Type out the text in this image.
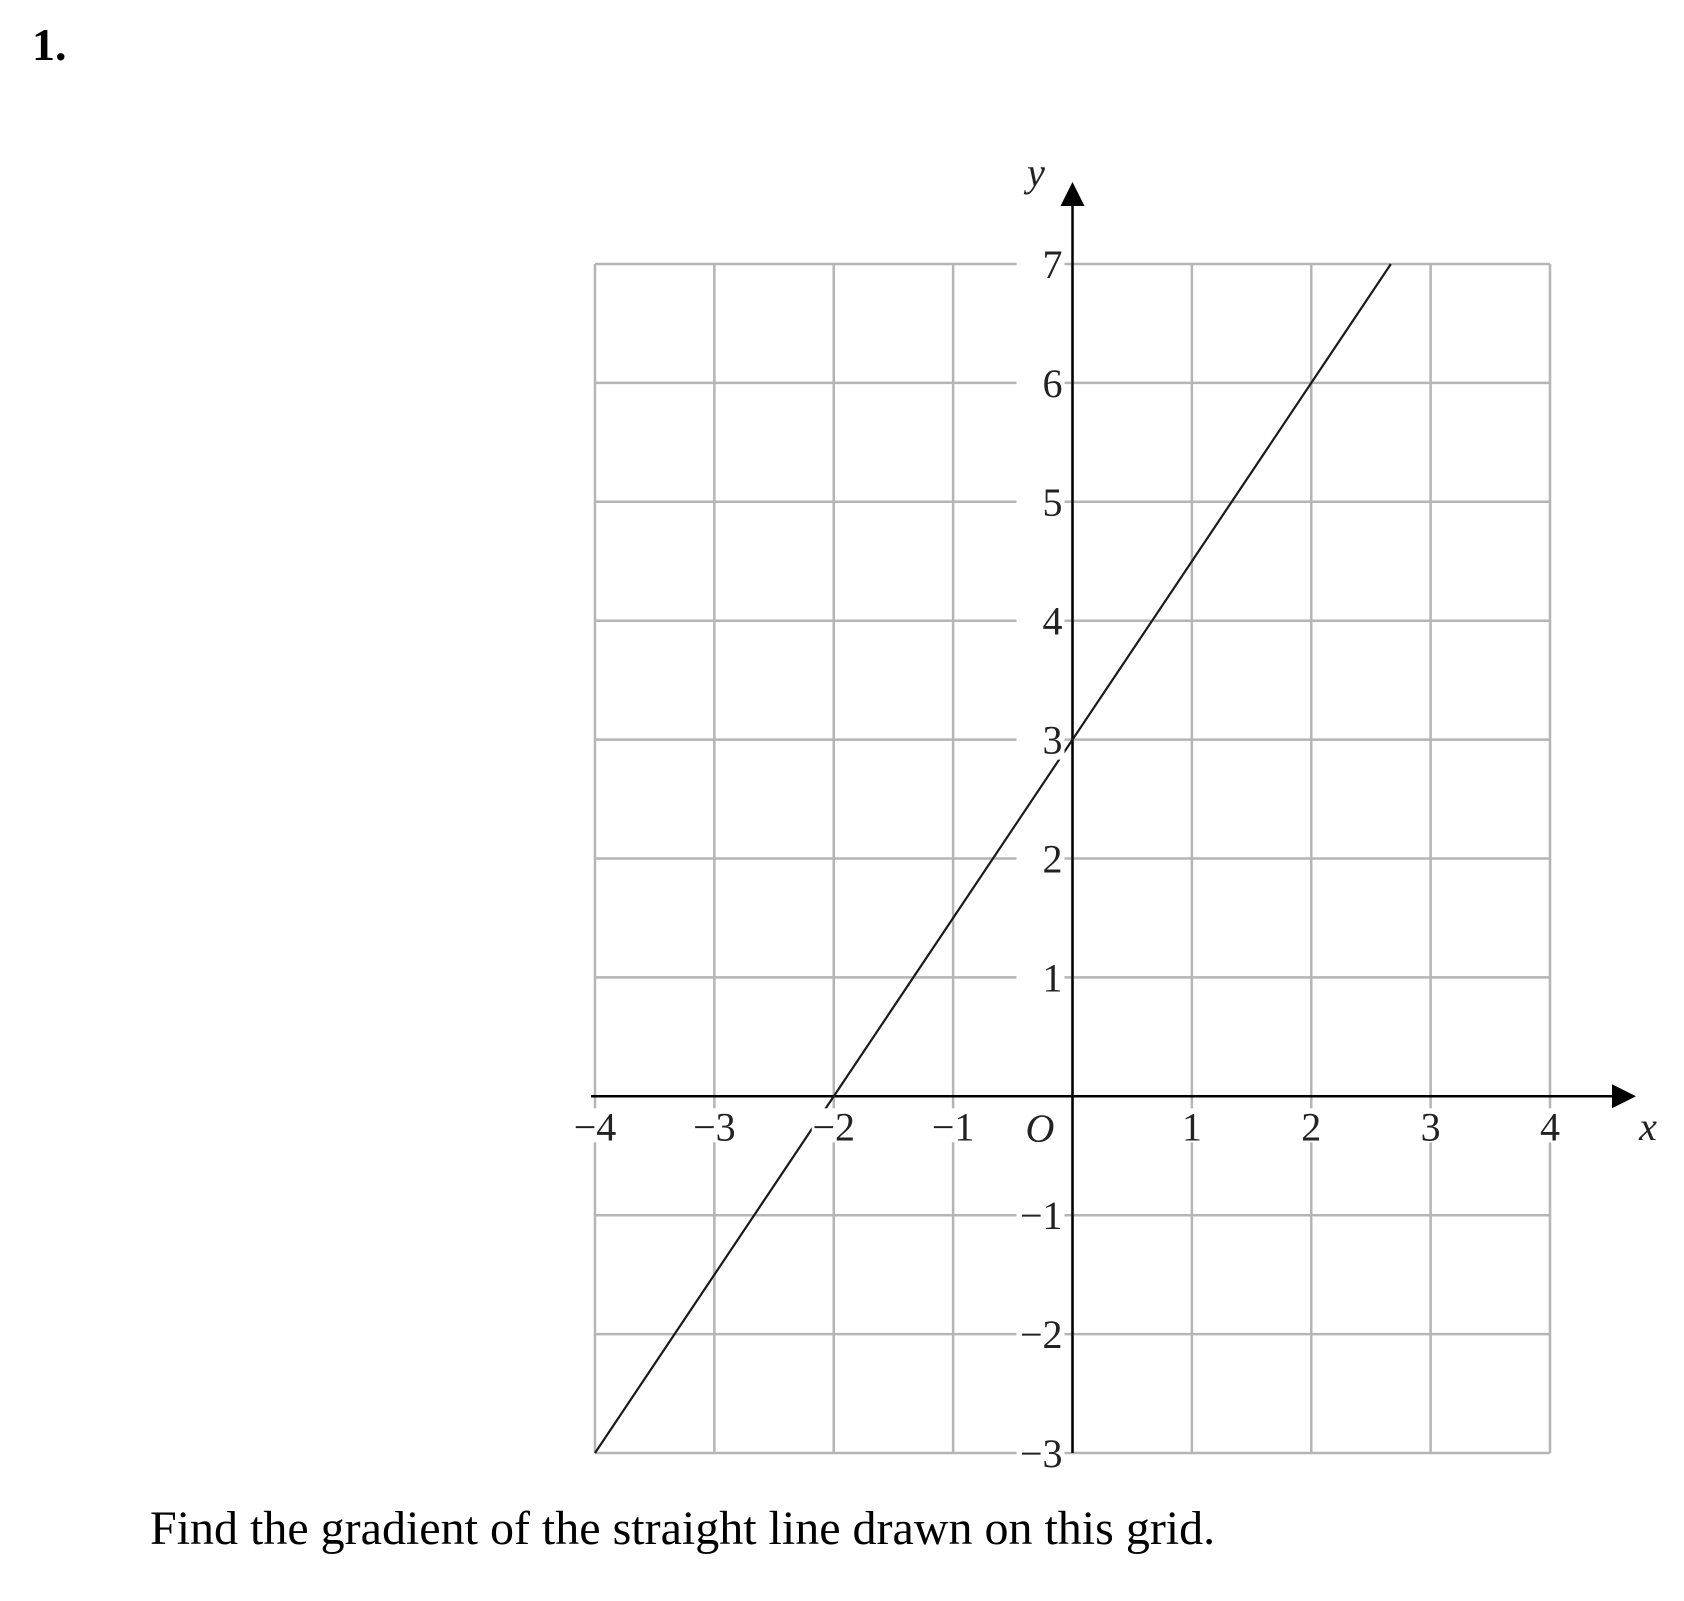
1.
O	x
y
−4 −3 −2 −1	1 2 3 4
−3
−2
−1
1
2
3
4
5
6
7
Find the gradient of the straight line drawn on this grid.
